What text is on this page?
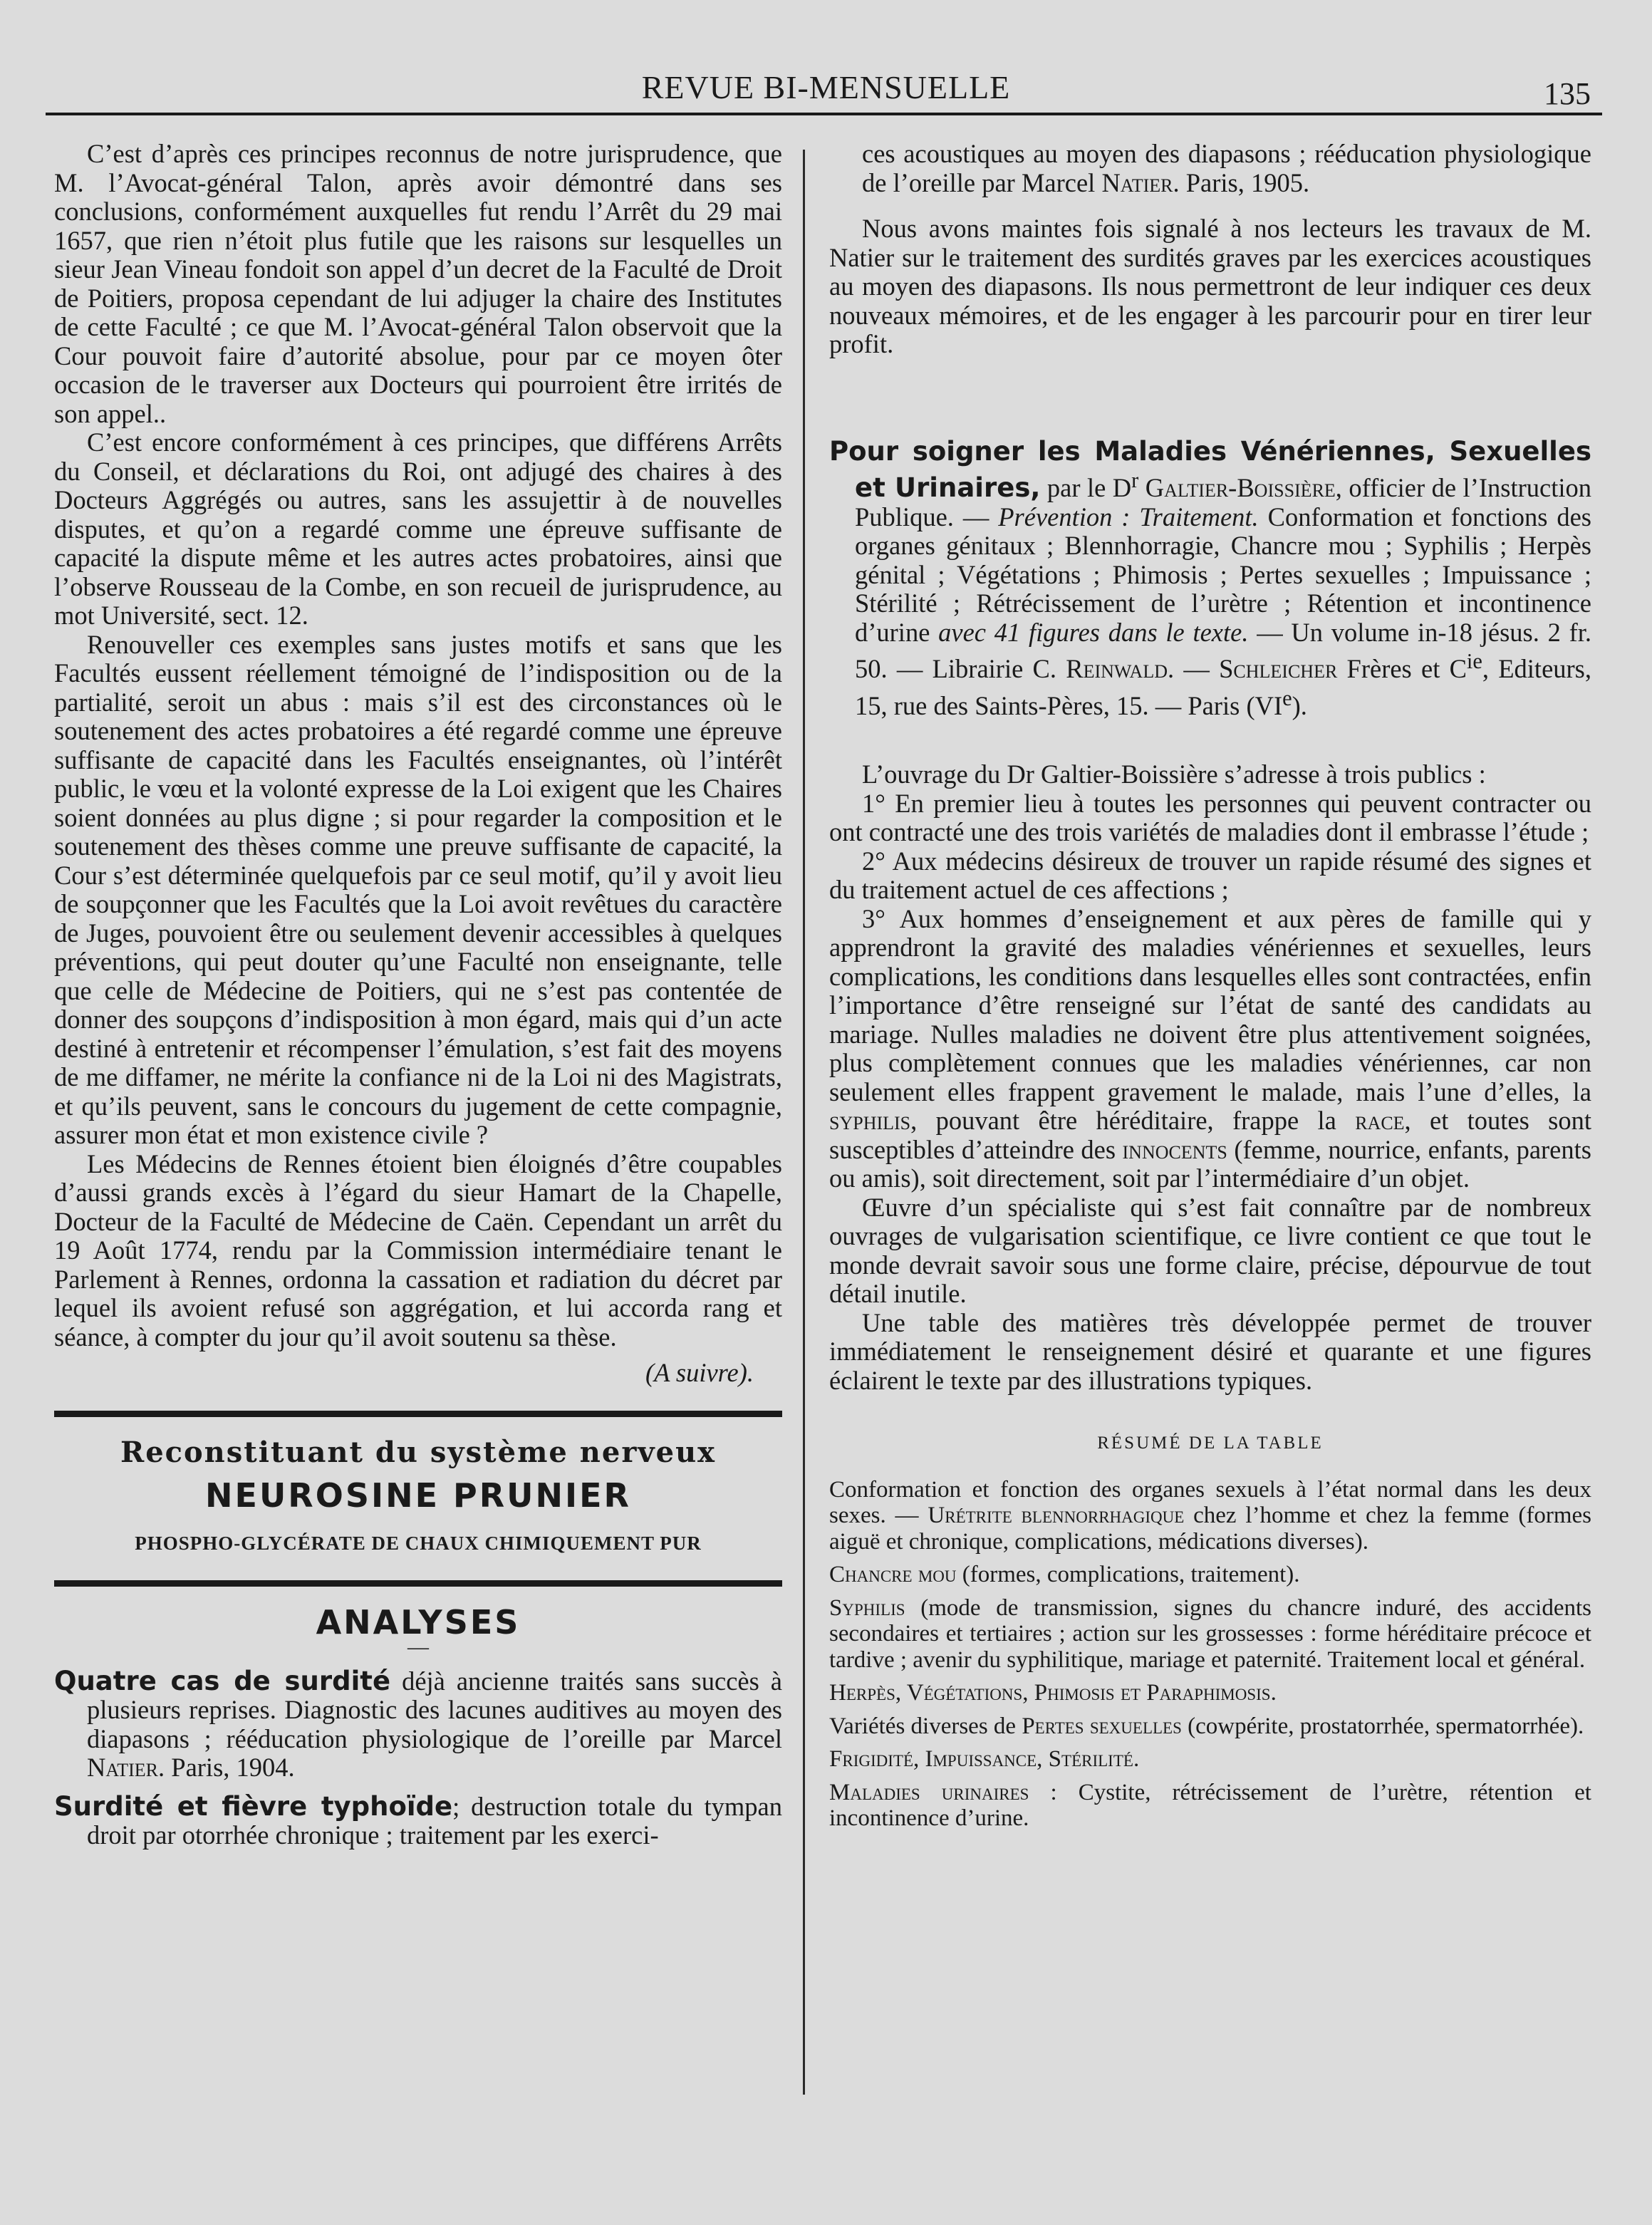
REVUE BI-MENSUELLE	135

C’est d’après ces principes reconnus de notre jurisprudence, que M. l’Avocat-général Talon, après avoir démontré dans ses conclusions, conformément auxquelles fut rendu l’Arrêt du 29 mai 1657, que rien n’étoit plus futile que les raisons sur lesquelles un sieur Jean Vineau fondoit son appel d’un decret de la Faculté de Droit de Poitiers, proposa cependant de lui adjuger la chaire des Institutes de cette Faculté ; ce que M. l’Avocat-général Talon observoit que la Cour pouvoit faire d’autorité absolue, pour par ce moyen ôter occasion de le traverser aux Docteurs qui pourroient être irrités de son appel..

C’est encore conformément à ces principes, que différens Arrêts du Conseil, et déclarations du Roi, ont adjugé des chaires à des Docteurs Aggrégés ou autres, sans les assujettir à de nouvelles disputes, et qu’on a regardé comme une épreuve suffisante de capacité la dispute même et les autres actes probatoires, ainsi que l’observe Rousseau de la Combe, en son recueil de jurisprudence, au mot Université, sect. 12.

Renouveller ces exemples sans justes motifs et sans que les Facultés eussent réellement témoigné de l’indisposition ou de la partialité, seroit un abus : mais s’il est des circonstances où le soutenement des actes probatoires a été regardé comme une épreuve suffisante de capacité dans les Facultés enseignantes, où l’intérêt public, le vœu et la volonté expresse de la Loi exigent que les Chaires soient données au plus digne ; si pour regarder la composition et le soutenement des thèses comme une preuve suffisante de capacité, la Cour s’est déterminée quelquefois par ce seul motif, qu’il y avoit lieu de soupçonner que les Facultés que la Loi avoit revêtues du caractère de Juges, pouvoient être ou seulement devenir accessibles à quelques préventions, qui peut douter qu’une Faculté non enseignante, telle que celle de Médecine de Poitiers, qui ne s’est pas contentée de donner des soupçons d’indisposition à mon égard, mais qui d’un acte destiné à entretenir et récompenser l’émulation, s’est fait des moyens de me diffamer, ne mérite la confiance ni de la Loi ni des Magistrats, et qu’ils peuvent, sans le concours du jugement de cette compagnie, assurer mon état et mon existence civile ?

Les Médecins de Rennes étoient bien éloignés d’être coupables d’aussi grands excès à l’égard du sieur Hamart de la Chapelle, Docteur de la Faculté de Médecine de Caën. Cependant un arrêt du 19 Août 1774, rendu par la Commission intermédiaire tenant le Parlement à Rennes, ordonna la cassation et radiation du décret par lequel ils avoient refusé son aggrégation, et lui accorda rang et séance, à compter du jour qu’il avoit soutenu sa thèse.

(A suivre).
Reconstituant du système nerveux
NEUROSINE PRUNIER
PHOSPHO-GLYCÉRATE DE CHAUX CHIMIQUEMENT PUR
ANALYSES
—

Quatre cas de surdité déjà ancienne traités sans succès à plusieurs reprises. Diagnostic des lacunes auditives au moyen des diapasons ; rééducation physiologique de l’oreille par Marcel Natier. Paris, 1904.

Surdité et fièvre typhoïde; destruction totale du tympan droit par otorrhée chronique ; traitement par les exerci-

ces acoustiques au moyen des diapasons ; rééducation physiologique de l’oreille par Marcel Natier. Paris, 1905.

Nous avons maintes fois signalé à nos lecteurs les travaux de M. Natier sur le traitement des surdités graves par les exercices acoustiques au moyen des diapasons. Ils nous permettront de leur indiquer ces deux nouveaux mémoires, et de les engager à les parcourir pour en tirer leur profit.

Pour soigner les Maladies Vénériennes, Sexuelles et Urinaires, par le $D^r$ Galtier-Boissière, officier de l’Instruction Publique. — Prévention : Traitement. Conformation et fonctions des organes génitaux ; Blennhorragie, Chancre mou ; Syphilis ; Herpès génital ; Végétations ; Phimosis ; Pertes sexuelles ; Impuissance ; Stérilité ; Rétrécissement de l’urètre ; Rétention et incontinence d’urine avec 41 figures dans le texte. — Un volume in-18 jésus. 2 fr. 50. — Librairie C. Reinwald. — Schleicher Frères et $C^{ie}$, Editeurs, 15, rue des Saints-Pères, 15. — Paris (VIe).

L’ouvrage du Dr Galtier-Boissière s’adresse à trois publics :

1° En premier lieu à toutes les personnes qui peuvent contracter ou ont contracté une des trois variétés de maladies dont il embrasse l’étude ;

2° Aux médecins désireux de trouver un rapide résumé des signes et du traitement actuel de ces affections ;

3° Aux hommes d’enseignement et aux pères de famille qui y apprendront la gravité des maladies vénériennes et sexuelles, leurs complications, les conditions dans lesquelles elles sont contractées, enfin l’importance d’être renseigné sur l’état de santé des candidats au mariage. Nulles maladies ne doivent être plus attentivement soignées, plus complètement connues que les maladies vénériennes, car non seulement elles frappent gravement le malade, mais l’une d’elles, la syphilis, pouvant être héréditaire, frappe la race, et toutes sont susceptibles d’atteindre des innocents (femme, nourrice, enfants, parents ou amis), soit directement, soit par l’intermédiaire d’un objet.

Œuvre d’un spécialiste qui s’est fait connaître par de nombreux ouvrages de vulgarisation scientifique, ce livre contient ce que tout le monde devrait savoir sous une forme claire, précise, dépourvue de tout détail inutile.

Une table des matières très développée permet de trouver immédiatement le renseignement désiré et quarante et une figures éclairent le texte par des illustrations typiques.

RÉSUMÉ DE LA TABLE

Conformation et fonction des organes sexuels à l’état normal dans les deux sexes. — Urétrite blennorrhagique chez l’homme et chez la femme (formes aiguë et chronique, complications, médications diverses).

Chancre mou (formes, complications, traitement).

Syphilis (mode de transmission, signes du chancre induré, des accidents secondaires et tertiaires ; action sur les grossesses : forme héréditaire précoce et tardive ; avenir du syphilitique, mariage et paternité. Traitement local et général.

Herpès, Végétations, Phimosis et Paraphimosis.

Variétés diverses de Pertes sexuelles (cowpérite, prostatorrhée, spermatorrhée).

Frigidité, Impuissance, Stérilité.

Maladies urinaires : Cystite, rétrécissement de l’urètre, rétention et incontinence d’urine.
